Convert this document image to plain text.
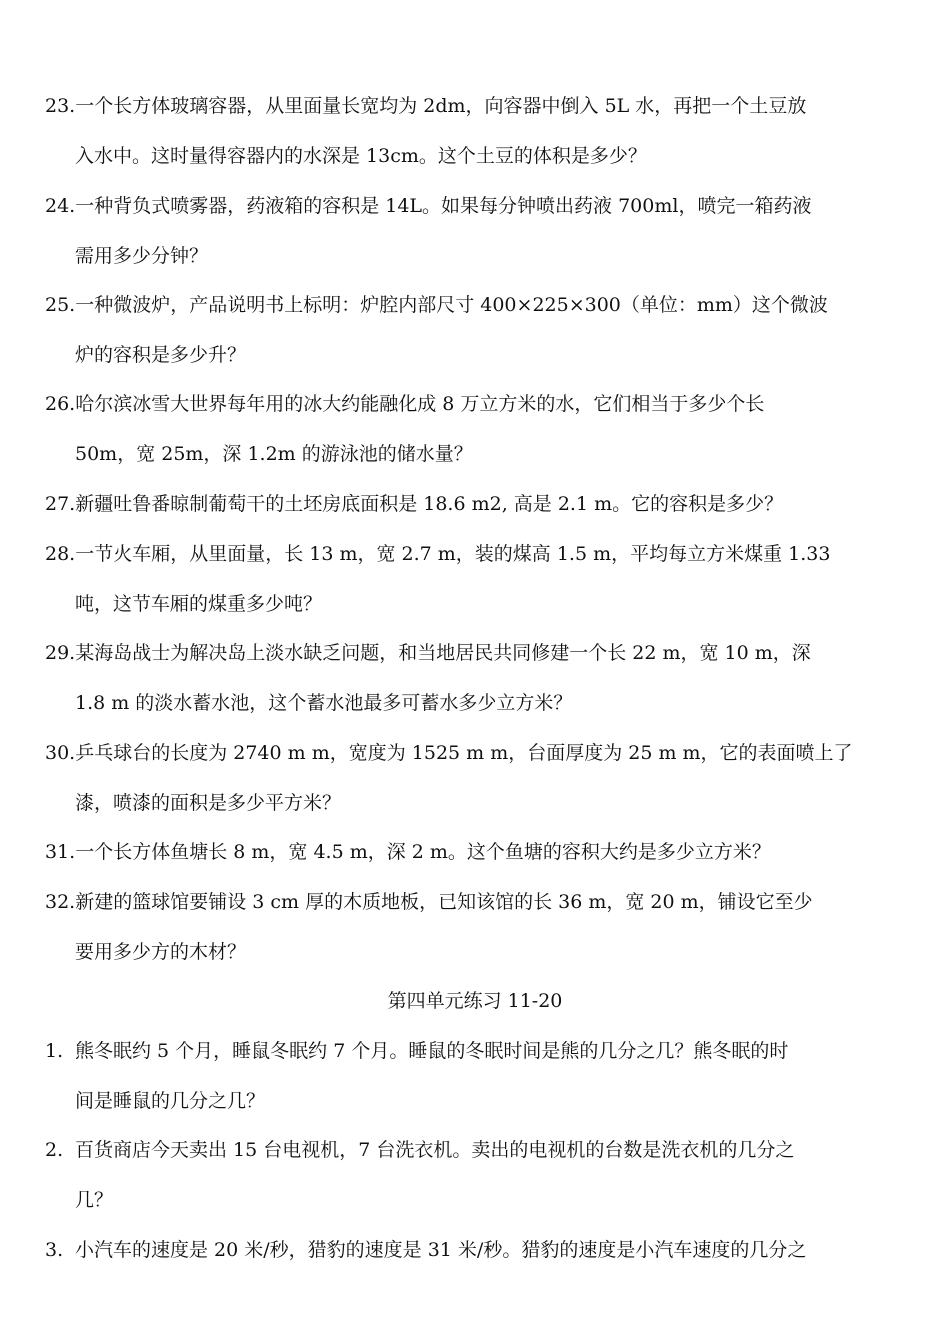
23.一个长方体玻璃容器，从里面量长宽均为 2dm，向容器中倒入 5L 水，再把一个土豆放
入水中。这时量得容器内的水深是 13cm。这个土豆的体积是多少？
24.一种背负式喷雾器，药液箱的容积是 14L。如果每分钟喷出药液 700ml，喷完一箱药液
需用多少分钟？
25.一种微波炉，产品说明书上标明：炉腔内部尺寸 400×225×300（单位：mm）这个微波
炉的容积是多少升？
26.哈尔滨冰雪大世界每年用的冰大约能融化成 8 万立方米的水，它们相当于多少个长
50m，宽 25m，深 1.2m 的游泳池的储水量？
27.新疆吐鲁番晾制葡萄干的土坯房底面积是 18.6 m2, 高是 2.1 m。它的容积是多少？
28.一节火车厢，从里面量，长 13 m，宽 2.7 m，装的煤高 1.5 m，平均每立方米煤重 1.33
吨，这节车厢的煤重多少吨？
29.某海岛战士为解决岛上淡水缺乏问题，和当地居民共同修建一个长 22 m，宽 10 m，深
1.8 m 的淡水蓄水池，这个蓄水池最多可蓄水多少立方米？
30.乒乓球台的长度为 2740 m m，宽度为 1525 m m，台面厚度为 25 m m，它的表面喷上了
漆，喷漆的面积是多少平方米？
31.一个长方体鱼塘长 8 m，宽 4.5 m，深 2 m。这个鱼塘的容积大约是多少立方米？
32.新建的篮球馆要铺设 3 cm 厚的木质地板，已知该馆的长 36 m，宽 20 m，铺设它至少
要用多少方的木材？
第四单元练习 11-20
1. 熊冬眠约 5 个月，睡鼠冬眠约 7 个月。睡鼠的冬眠时间是熊的几分之几？熊冬眠的时
间是睡鼠的几分之几？
2. 百货商店今天卖出 15 台电视机，7 台洗衣机。卖出的电视机的台数是洗衣机的几分之
几？
3. 小汽车的速度是 20 米/秒，猎豹的速度是 31 米/秒。猎豹的速度是小汽车速度的几分之
